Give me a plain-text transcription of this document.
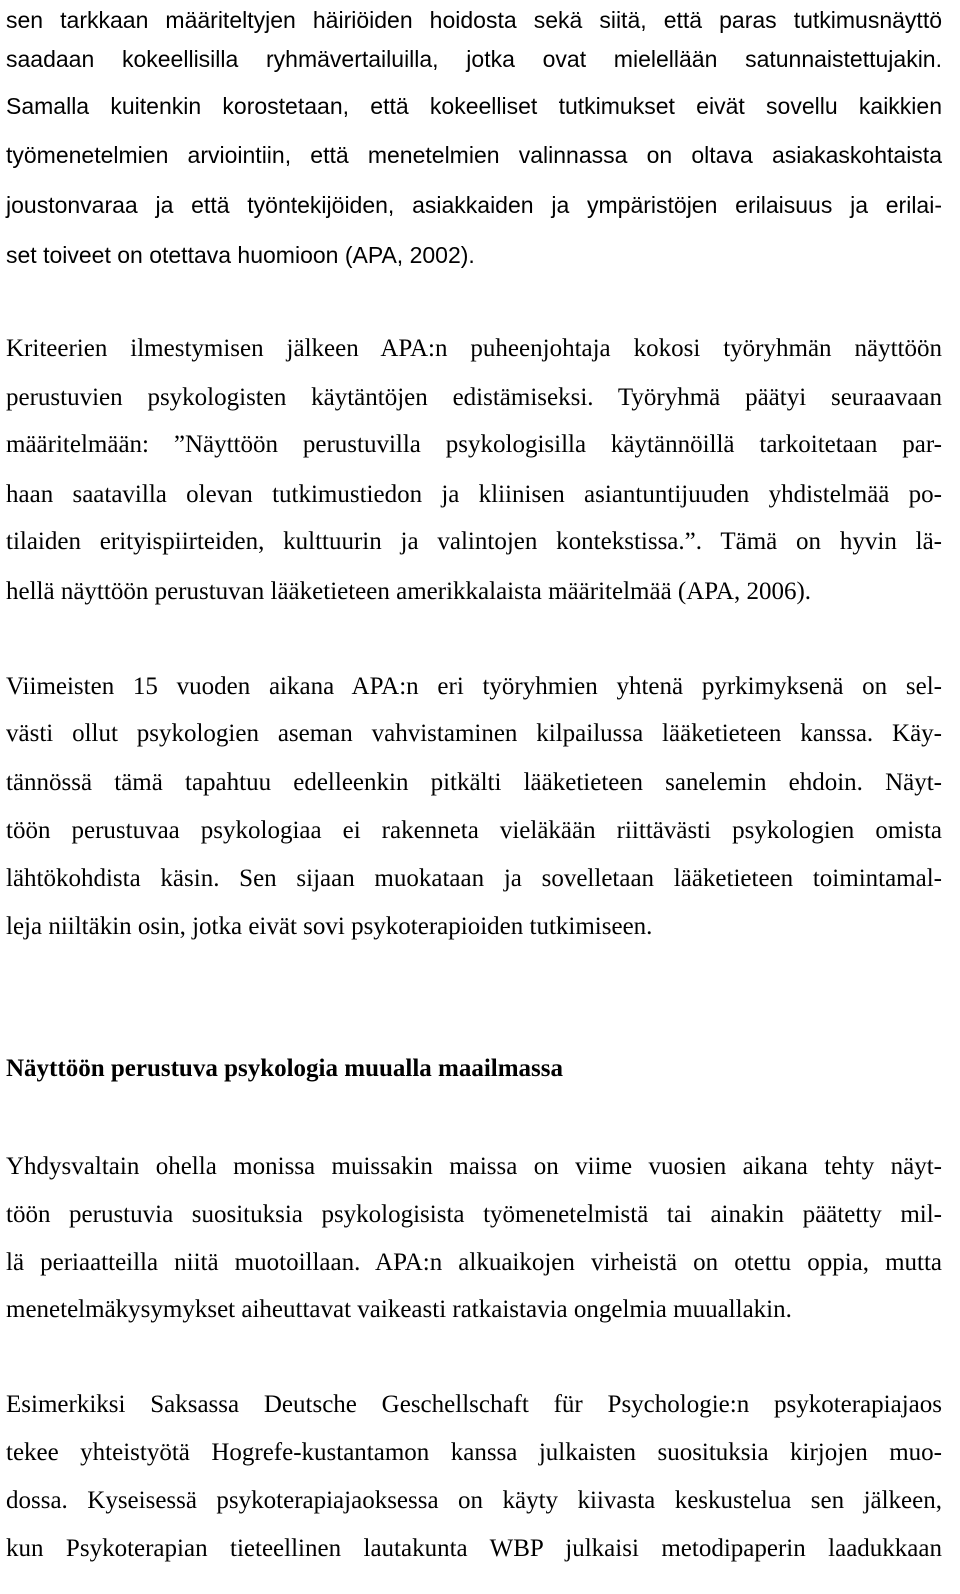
sen tarkkaan määriteltyjen häiriöiden hoidosta sekä siitä, että paras tutkimusnäyttö
saadaan kokeellisilla ryhmävertailuilla, jotka ovat mielellään satunnaistettujakin.
Samalla kuitenkin korostetaan, että kokeelliset tutkimukset eivät sovellu kaikkien
työmenetelmien arviointiin, että menetelmien valinnassa on oltava asiakaskohtaista
joustonvaraa ja että työntekijöiden, asiakkaiden ja ympäristöjen erilaisuus ja erilai-
set toiveet on otettava huomioon (APA, 2002).
Kriteerien ilmestymisen jälkeen APA:n puheenjohtaja kokosi työryhmän näyttöön
perustuvien psykologisten käytäntöjen edistämiseksi. Työryhmä päätyi seuraavaan
määritelmään: ”Näyttöön perustuvilla psykologisilla käytännöillä tarkoitetaan par-
haan saatavilla olevan tutkimustiedon ja kliinisen asiantuntijuuden yhdistelmää po-
tilaiden erityispiirteiden, kulttuurin ja valintojen kontekstissa.”. Tämä on hyvin lä-
hellä näyttöön perustuvan lääketieteen amerikkalaista määritelmää (APA, 2006).
Viimeisten 15 vuoden aikana APA:n eri työryhmien yhtenä pyrkimyksenä on sel-
västi ollut psykologien aseman vahvistaminen kilpailussa lääketieteen kanssa. Käy-
tännössä tämä tapahtuu edelleenkin pitkälti lääketieteen sanelemin ehdoin. Näyt-
töön perustuvaa psykologiaa ei rakenneta vieläkään riittävästi psykologien omista
lähtökohdista käsin. Sen sijaan muokataan ja sovelletaan lääketieteen toimintamal-
leja niiltäkin osin, jotka eivät sovi psykoterapioiden tutkimiseen.
Näyttöön perustuva psykologia muualla maailmassa
Yhdysvaltain ohella monissa muissakin maissa on viime vuosien aikana tehty näyt-
töön perustuvia suosituksia psykologisista työmenetelmistä tai ainakin päätetty mil-
lä periaatteilla niitä muotoillaan. APA:n alkuaikojen virheistä on otettu oppia, mutta
menetelmäkysymykset aiheuttavat vaikeasti ratkaistavia ongelmia muuallakin.
Esimerkiksi Saksassa Deutsche Geschellschaft für Psychologie:n psykoterapiajaos
tekee yhteistyötä Hogrefe-kustantamon kanssa julkaisten suosituksia kirjojen muo-
dossa. Kyseisessä psykoterapiajaoksessa on käyty kiivasta keskustelua sen jälkeen,
kun Psykoterapian tieteellinen lautakunta WBP julkaisi metodipaperin laadukkaan
